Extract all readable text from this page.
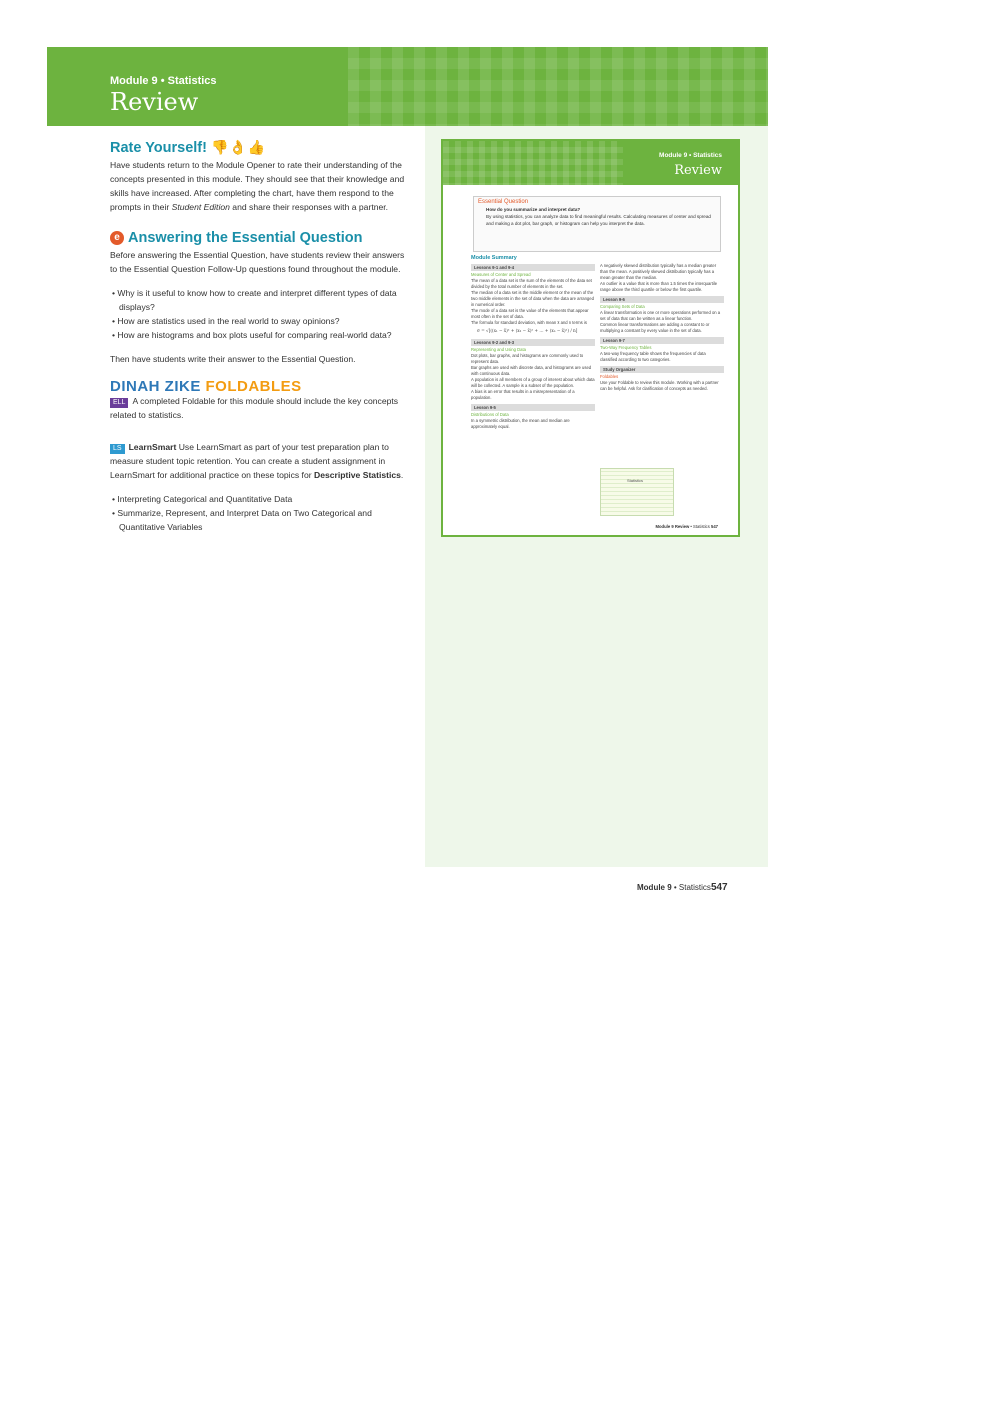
Module 9 • Statistics
Review
Rate Yourself! 👎👌👍

Have students return to the Module Opener to rate their understanding of the concepts presented in this module. They should see that their knowledge and skills have increased. After completing the chart, have them respond to the prompts in their Student Edition and share their responses with a partner.

e Answering the Essential Question

Before answering the Essential Question, have students review their answers to the Essential Question Follow-Up questions found throughout the module.

• Why is it useful to know how to create and interpret different types of data displays?
• How are statistics used in the real world to sway opinions?
• How are histograms and box plots useful for comparing real-world data?

Then have students write their answer to the Essential Question.

DINAH ZIKE FOLDABLES

ELL A completed Foldable for this module should include the key concepts related to statistics.

LS LearnSmart Use LearnSmart as part of your test preparation plan to measure student topic retention. You can create a student assignment in LearnSmart for additional practice on these topics for Descriptive Statistics.

• Interpreting Categorical and Quantitative Data
• Summarize, Represent, and Interpret Data on Two Categorical and Quantitative Variables
Module 9 • Statistics
Review
Essential Question
How do you summarize and interpret data?
By using statistics, you can analyze data to find meaningful results. Calculating measures of center and spread and making a dot plot, bar graph, or histogram can help you interpret the data.
Module Summary
Lessons 9-1 and 9-4
Measures of Center and Spread
The mean of a data set is the sum of the elements of the data set divided by the total number of elements in the set.
The median of a data set is the middle element or the mean of the two middle elements in the set of data when the data are arranged in numerical order.
The mode of a data set is the value of the elements that appear most often in the set of data.
The formula for standard deviation, with mean x̄ and n terms is
σ = √[((x₁ − x̄)² + (x₂ − x̄)² + … + (xₙ − x̄)²) / n]
Lessons 9-2 and 9-3
Representing and Using Data
Dot plots, bar graphs, and histograms are commonly used to represent data.
Bar graphs are used with discrete data, and histograms are used with continuous data.
A population is all members of a group of interest about which data will be collected. A sample is a subset of the population.
A bias is an error that results in a misrepresentation of a population.
Lesson 9-5
Distributions of Data
In a symmetric distribution, the mean and median are approximately equal.
A negatively skewed distribution typically has a median greater than the mean. A positively skewed distribution typically has a mean greater than the median.
An outlier is a value that is more than 1.5 times the interquartile range above the third quartile or below the first quartile.
Lesson 9-6
Comparing Sets of Data
A linear transformation is one or more operations performed on a set of data that can be written as a linear function.
Common linear transformations are adding a constant to or multiplying a constant by every value in the set of data.
Lesson 9-7
Two-Way Frequency Tables
A two-way frequency table shows the frequencies of data classified according to two categories.
Study Organizer
Foldables
Use your Foldable to review this module. Working with a partner can be helpful. Ask for clarification of concepts as needed.
Statistics
Module 9 Review • Statistics 547
Module 9 • Statistics547
